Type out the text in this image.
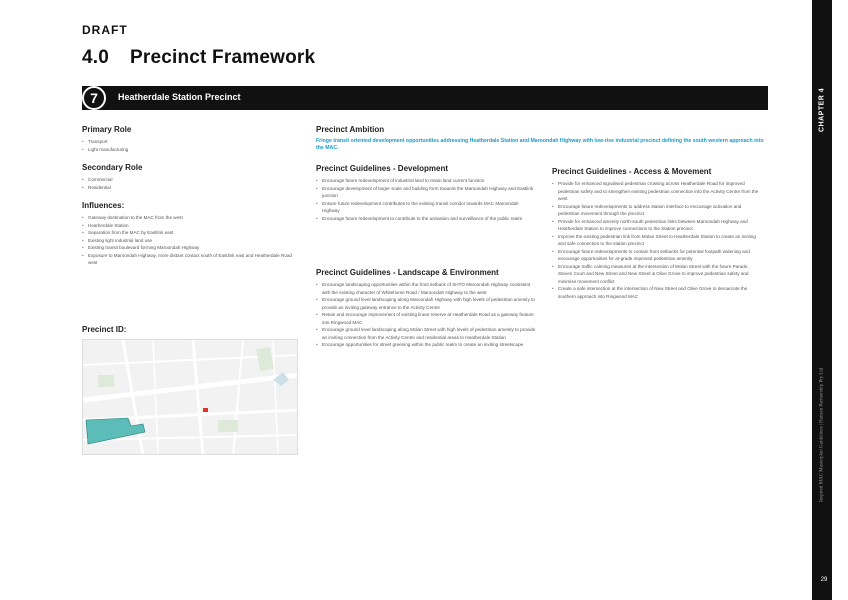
DRAFT
4.0 Precinct Framework
7	Heatherdale Station Precinct	CHAPTER 4
Inspired MAC Masterplan Guidelines | Hansen Partnership Pty Ltd
29
Primary Role
• Transport
• Light manufacturing
Secondary Role
• Commercial
• Residential
Influences:
• Gateway destination to the MAC from the west
• Heatherdale Station
• Separation from the MAC by Eastlink east
• Existing light industrial land use
• Existing transit boulevard forming Maroondah Highway
• Exposure to Maroondah Highway, more distant contact south of Eastlink east and Heatherdale Road west
Precinct ID:
Precinct Ambition
Fringe transit oriented development opportunities addressing Heatherdale Station and Maroondah Highway with low-rise industrial precinct defining the south western approach into the MAC.
Precinct Guidelines - Development
• Encourage future redevelopment of industrial land to retain land current function
• Encourage development of larger scale and building form towards the Maroondah Highway and Eastlink junction
• Ensure future redevelopment contributes to the existing transit corridor towards MAC Maroondah Highway
• Encourage future redevelopment to contribute to the activation and surveillance of the public realm
Precinct Guidelines - Landscape & Environment
• Encourage landscaping opportunities within the front setback of SHTO Maroondah Highway consistent with the existing character of Whitehorse Road / Maroondah Highway to the west
• Encourage ground level landscaping along Maroondah Highway with high levels of pedestrian amenity to provide an inviting gateway entrance to the Activity Centre
• Retain and encourage improvement of existing linear reserve at Heatherdale Road as a gateway feature into Ringwood MAC
• Encourage ground level landscaping along Molan Street with high levels of pedestrian amenity to provide an inviting connection from the Activity Centre and residential areas to Heatherdale Station
• Encourage opportunities for street greening within the public realm to create an inviting streetscape
Precinct Guidelines - Access & Movement
• Provide for enhanced signalised pedestrian crossing across Heatherdale Road for improved pedestrian safety and to strengthen existing pedestrian connection into the Activity Centre from the west
• Encourage future redevelopments to address station interface to encourage activation and pedestrian movement through the precinct
• Provide for enhanced amenity north-south pedestrian links between Maroondah Highway and Heatherdale Station to improve connections to the Station precinct
• Improve the existing pedestrian link from Molan Street to Heatherdale Station to create an inviting and safe connection to the station precinct
• Encourage future redevelopments to contain front setbacks for potential footpath widening and encourage opportunities for at-grade improved pedestrian amenity
• Encourage traffic calming measures at the intersection of Molan Street with the future Parade, Steven Court and New Street and New Street & Olive Grove to improve pedestrian safety and minimise movement conflict
• Create a safe intersection at the intersection of New Street and Olive Grove to demarcate the southern approach into Ringwood MAC
